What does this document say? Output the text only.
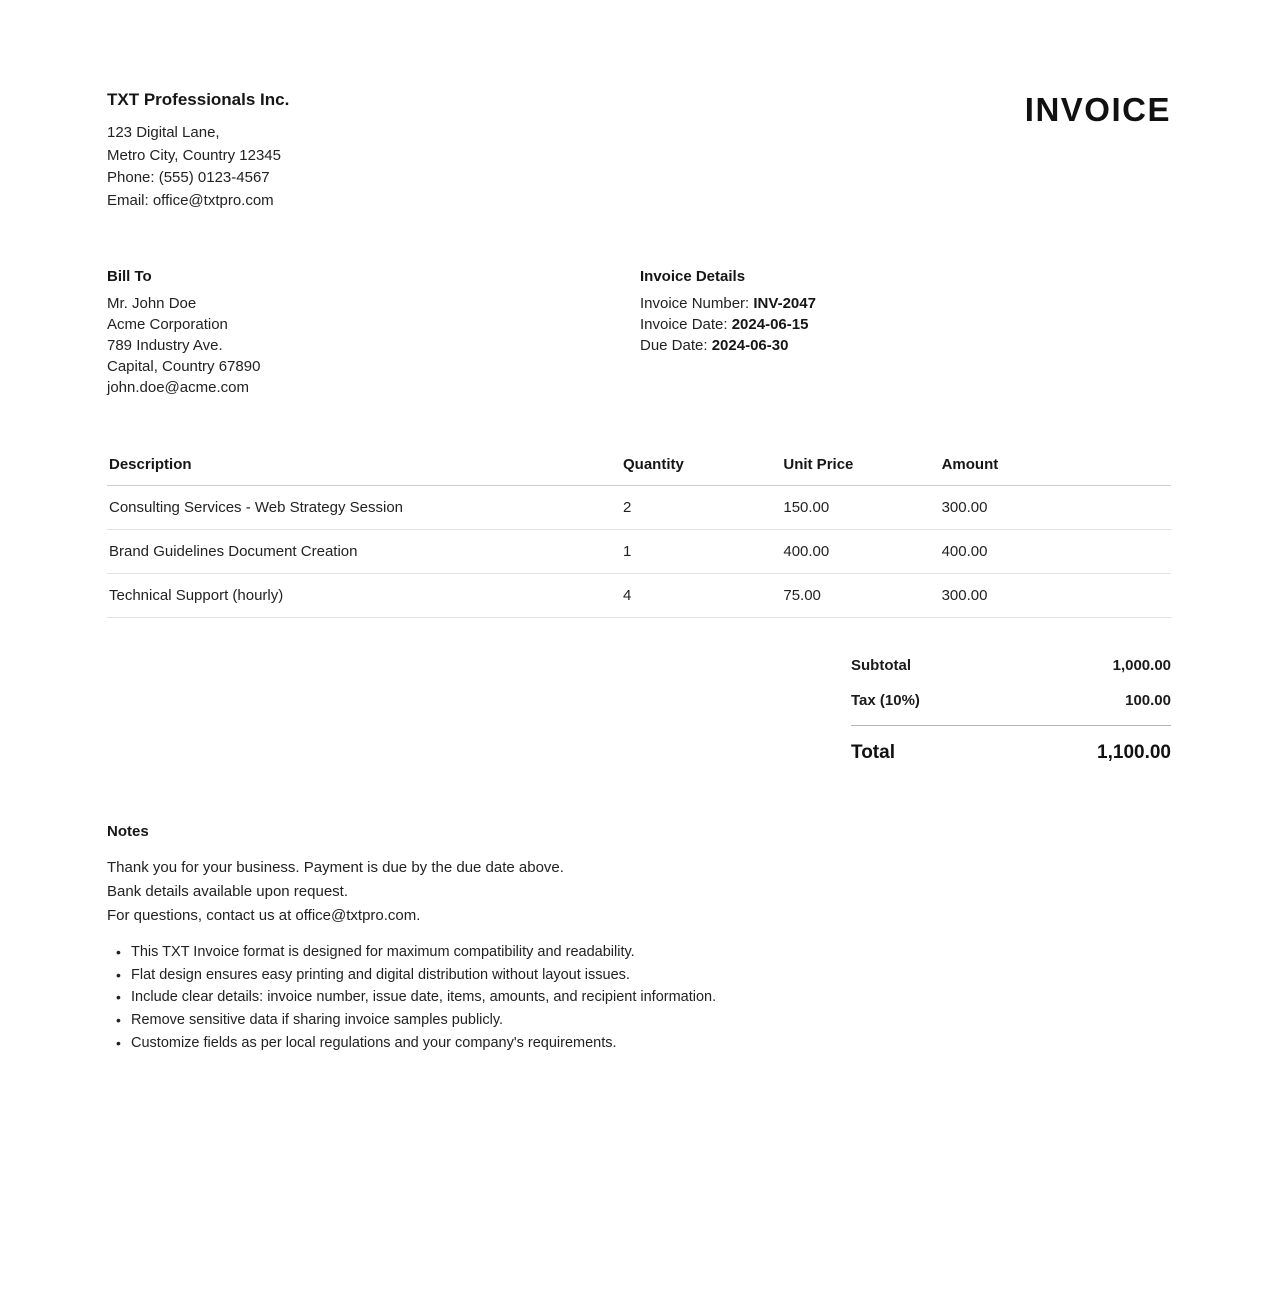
TXT Professionals Inc.
123 Digital Lane,
Metro City, Country 12345
Phone: (555) 0123-4567
Email: office@txtpro.com
INVOICE
Bill To
Mr. John Doe
Acme Corporation
789 Industry Ave.
Capital, Country 67890
john.doe@acme.com
Invoice Details
Invoice Number: INV-2047
Invoice Date: 2024-06-15
Due Date: 2024-06-30
Description	Quantity	Unit Price	Amount
Consulting Services - Web Strategy Session	2	150.00	300.00
Brand Guidelines Document Creation	1	400.00	400.00
Technical Support (hourly)	4	75.00	300.00
Subtotal	1,000.00
Tax (10%)	100.00
Total	1,100.00
Notes
Thank you for your business. Payment is due by the due date above.
Bank details available upon request.
For questions, contact us at office@txtpro.com.
• This TXT Invoice format is designed for maximum compatibility and readability.
• Flat design ensures easy printing and digital distribution without layout issues.
• Include clear details: invoice number, issue date, items, amounts, and recipient information.
• Remove sensitive data if sharing invoice samples publicly.
• Customize fields as per local regulations and your company's requirements.
